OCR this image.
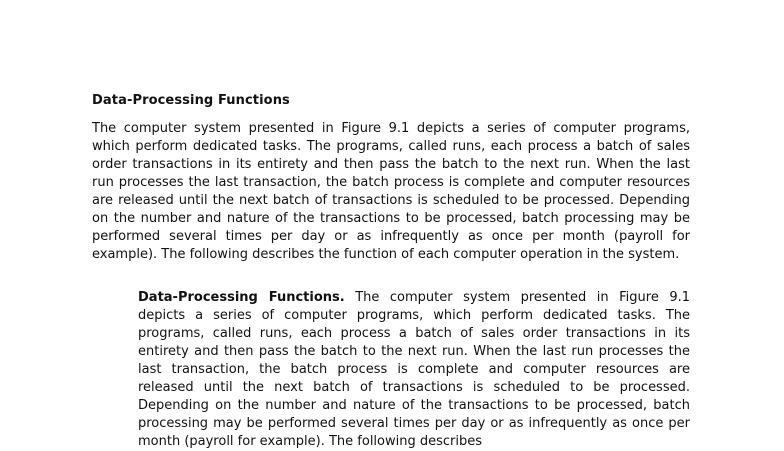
Data-Processing Functions

The computer system presented in Figure 9.1 depicts a series of computer programs, which perform dedicated tasks. The programs, called runs, each process a batch of sales order transactions in its entirety and then pass the batch to the next run. When the last run processes the last transaction, the batch process is complete and computer resources are released until the next batch of transactions is scheduled to be processed. Depending on the number and nature of the transactions to be processed, batch processing may be performed several times per day or as infrequently as once per month (payroll for example). The following describes the function of each computer operation in the system.

Data-Processing Functions. The computer system presented in Figure 9.1 depicts a series of computer programs, which perform dedicated tasks. The programs, called runs, each process a batch of sales order transactions in its entirety and then pass the batch to the next run. When the last run processes the last transaction, the batch process is complete and computer resources are released until the next batch of transactions is scheduled to be processed. Depending on the number and nature of the transactions to be processed, batch processing may be performed several times per day or as infrequently as once per month (payroll for example). The following describes
